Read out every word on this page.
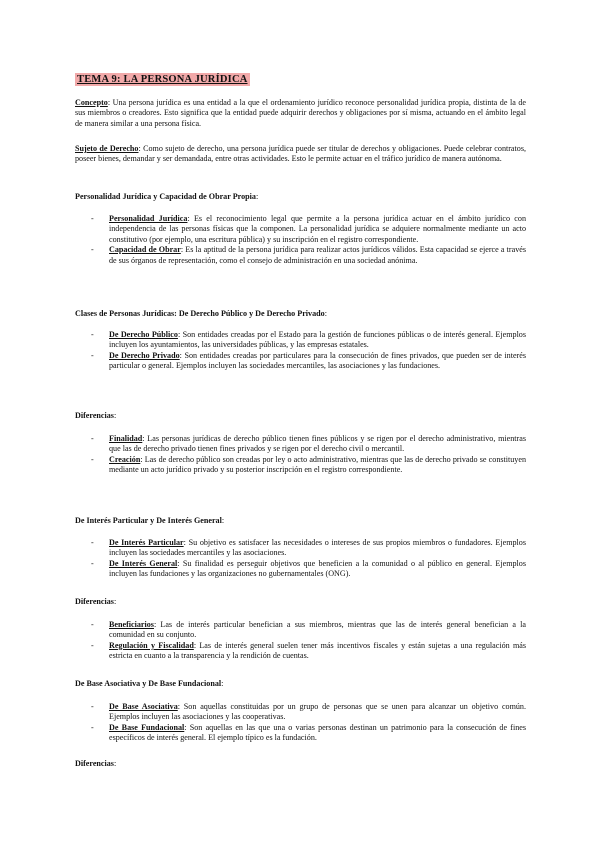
TEMA 9: LA PERSONA JURÍDICA
Concepto: Una persona jurídica es una entidad a la que el ordenamiento jurídico reconoce personalidad jurídica propia, distinta de la de sus miembros o creadores. Esto significa que la entidad puede adquirir derechos y obligaciones por sí misma, actuando en el ámbito legal de manera similar a una persona física.
Sujeto de Derecho: Como sujeto de derecho, una persona jurídica puede ser titular de derechos y obligaciones. Puede celebrar contratos, poseer bienes, demandar y ser demandada, entre otras actividades. Esto le permite actuar en el tráfico jurídico de manera autónoma.
Personalidad Jurídica y Capacidad de Obrar Propia:
- Personalidad Jurídica: Es el reconocimiento legal que permite a la persona jurídica actuar en el ámbito jurídico con independencia de las personas físicas que la componen. La personalidad jurídica se adquiere normalmente mediante un acto constitutivo (por ejemplo, una escritura pública) y su inscripción en el registro correspondiente.
- Capacidad de Obrar: Es la aptitud de la persona jurídica para realizar actos jurídicos válidos. Esta capacidad se ejerce a través de sus órganos de representación, como el consejo de administración en una sociedad anónima.
Clases de Personas Jurídicas: De Derecho Público y De Derecho Privado:
- De Derecho Público: Son entidades creadas por el Estado para la gestión de funciones públicas o de interés general. Ejemplos incluyen los ayuntamientos, las universidades públicas, y las empresas estatales.
- De Derecho Privado: Son entidades creadas por particulares para la consecución de fines privados, que pueden ser de interés particular o general. Ejemplos incluyen las sociedades mercantiles, las asociaciones y las fundaciones.
Diferencias:
- Finalidad: Las personas jurídicas de derecho público tienen fines públicos y se rigen por el derecho administrativo, mientras que las de derecho privado tienen fines privados y se rigen por el derecho civil o mercantil.
- Creación: Las de derecho público son creadas por ley o acto administrativo, mientras que las de derecho privado se constituyen mediante un acto jurídico privado y su posterior inscripción en el registro correspondiente.
De Interés Particular y De Interés General:
- De Interés Particular: Su objetivo es satisfacer las necesidades o intereses de sus propios miembros o fundadores. Ejemplos incluyen las sociedades mercantiles y las asociaciones.
- De Interés General: Su finalidad es perseguir objetivos que beneficien a la comunidad o al público en general. Ejemplos incluyen las fundaciones y las organizaciones no gubernamentales (ONG).
Diferencias:
- Beneficiarios: Las de interés particular benefician a sus miembros, mientras que las de interés general benefician a la comunidad en su conjunto.
- Regulación y Fiscalidad: Las de interés general suelen tener más incentivos fiscales y están sujetas a una regulación más estricta en cuanto a la transparencia y la rendición de cuentas.
De Base Asociativa y De Base Fundacional:
- De Base Asociativa: Son aquellas constituidas por un grupo de personas que se unen para alcanzar un objetivo común. Ejemplos incluyen las asociaciones y las cooperativas.
- De Base Fundacional: Son aquellas en las que una o varias personas destinan un patrimonio para la consecución de fines específicos de interés general. El ejemplo típico es la fundación.
Diferencias:
